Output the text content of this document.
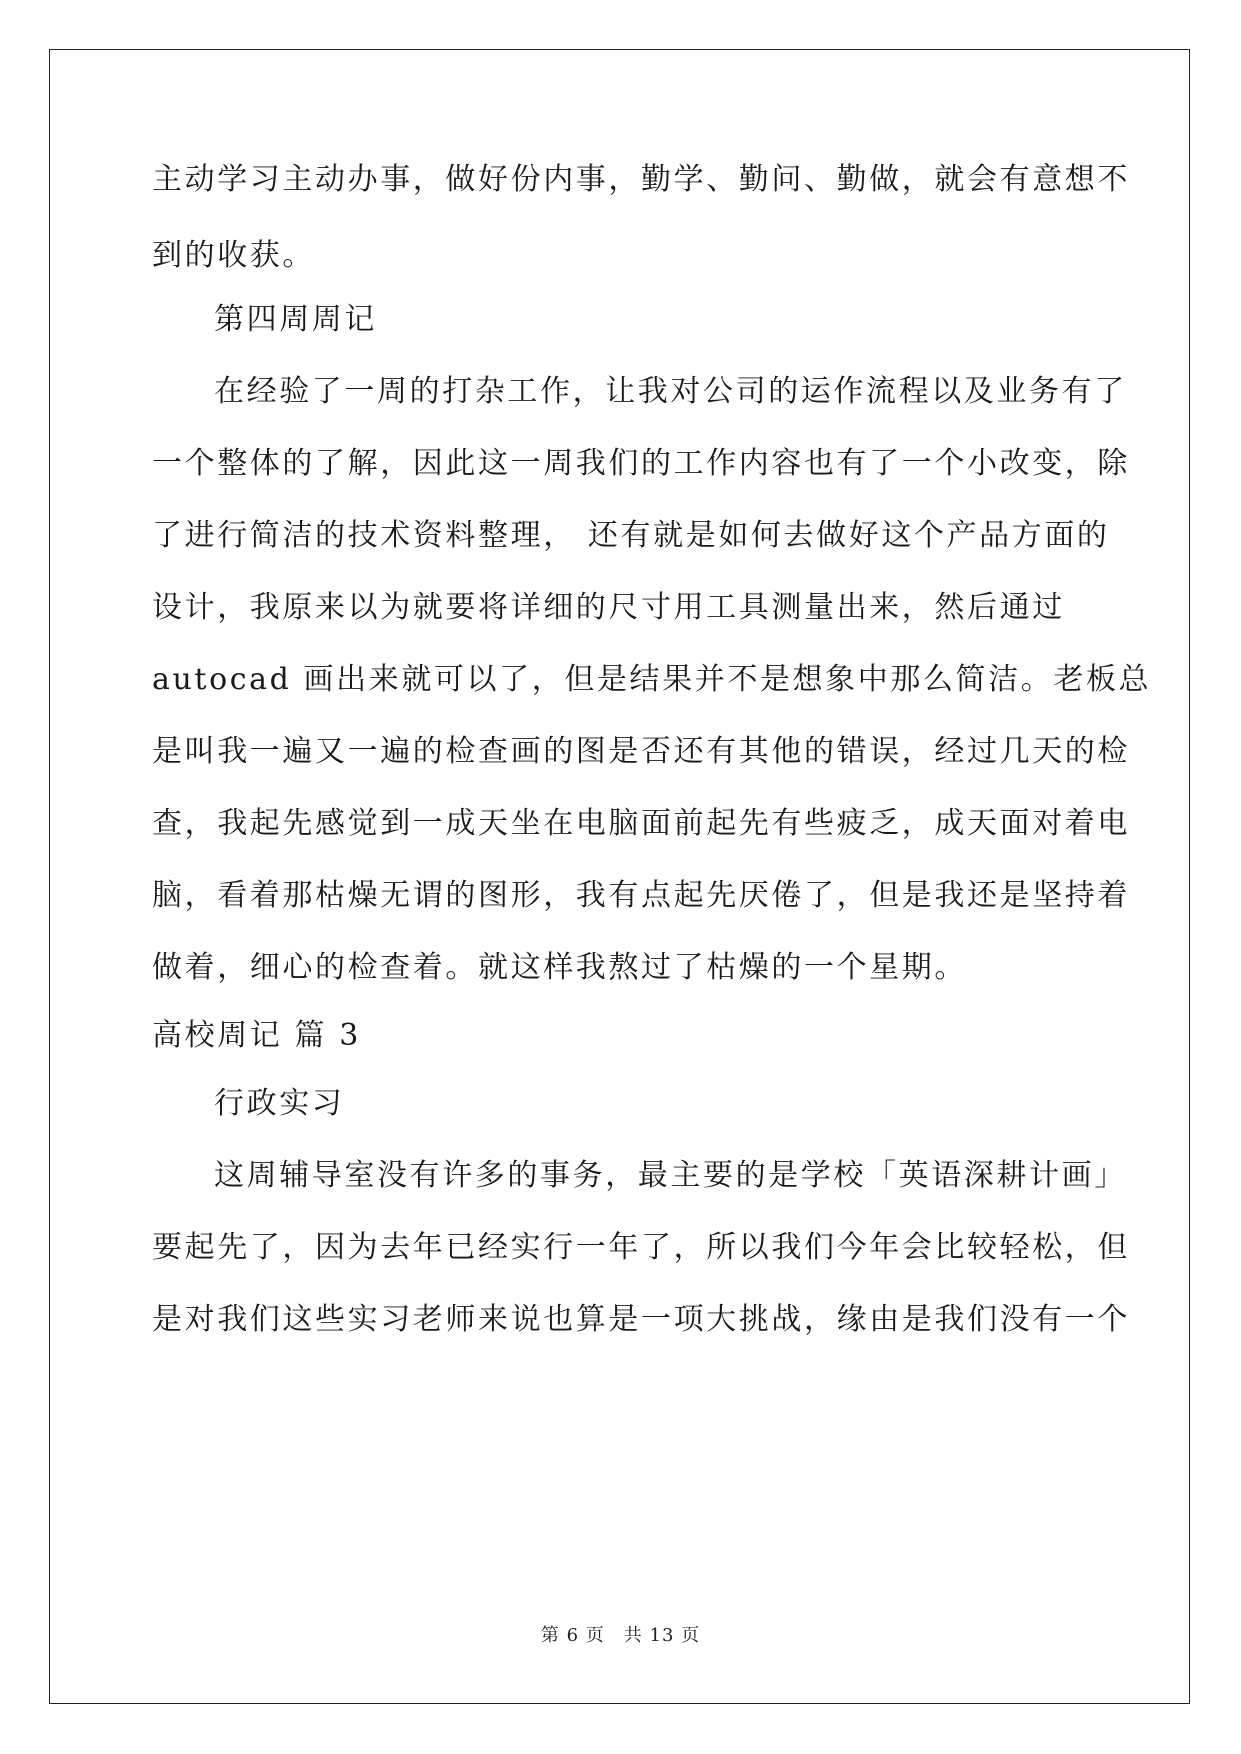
主动学习主动办事，做好份内事，勤学、勤问、勤做，就会有意想不
到的收获。
第四周周记
在经验了一周的打杂工作，让我对公司的运作流程以及业务有了
一个整体的了解，因此这一周我们的工作内容也有了一个小改变，除
了进行简洁的技术资料整理， 还有就是如何去做好这个产品方面的
设计，我原来以为就要将详细的尺寸用工具测量出来，然后通过
autocad 画出来就可以了，但是结果并不是想象中那么简洁。老板总
是叫我一遍又一遍的检查画的图是否还有其他的错误，经过几天的检
查，我起先感觉到一成天坐在电脑面前起先有些疲乏，成天面对着电
脑，看着那枯燥无谓的图形，我有点起先厌倦了，但是我还是坚持着
做着，细心的检查着。就这样我熬过了枯燥的一个星期。
高校周记 篇 3
行政实习
这周辅导室没有许多的事务，最主要的是学校「英语深耕计画」
要起先了，因为去年已经实行一年了，所以我们今年会比较轻松，但
是对我们这些实习老师来说也算是一项大挑战，缘由是我们没有一个
第 6 页　共 13 页
